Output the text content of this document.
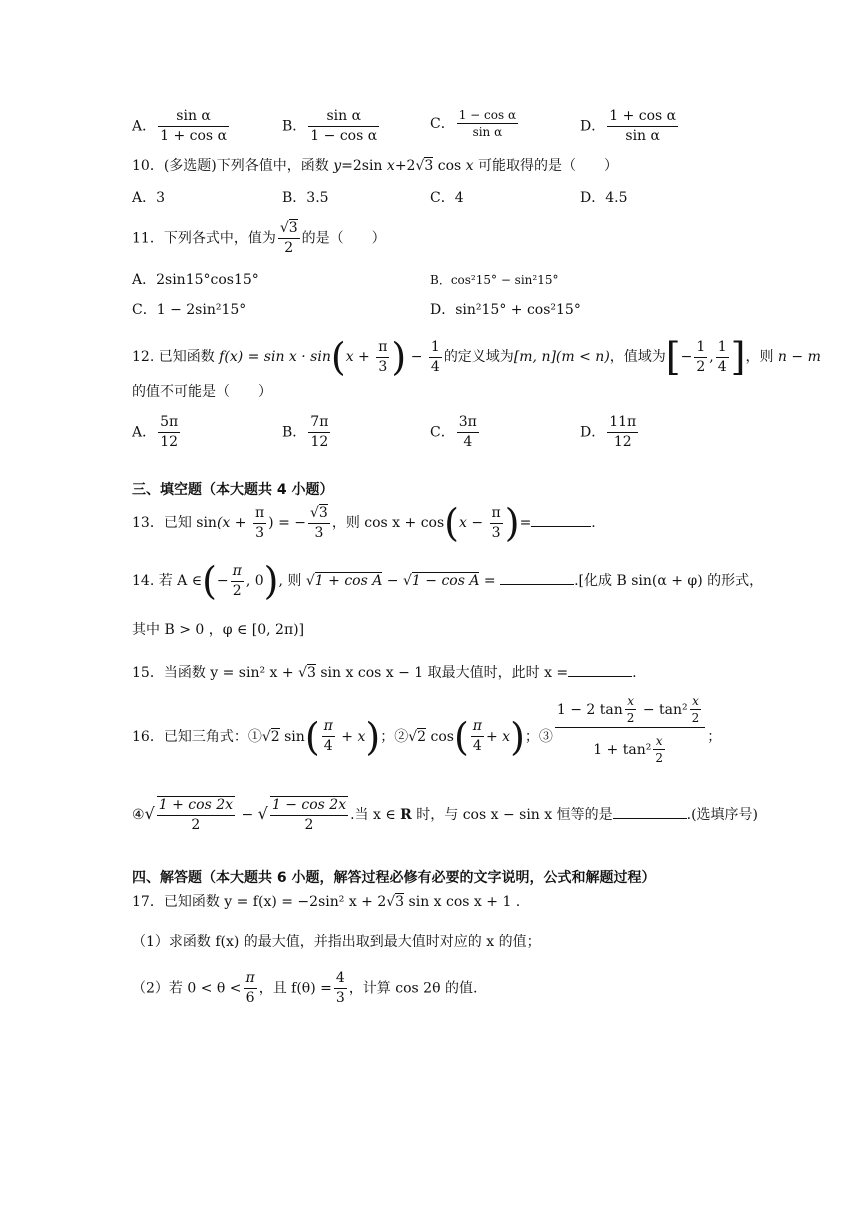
A． $\frac{\text{sin α}}{\text{1 + cos α}}$	B． $\frac{\text{sin α}}{\text{1 − cos α}}$	C． $\frac{\text{1 − cos α}}{\text{sin α}}$	D． $\frac{\text{1 + cos α}}{\text{sin α}}$
10．(多选题)下列各值中，函数 y=2sin x+2√3 cos x 可能取得的是（　　）
A．3	B．3.5	C．4	D．4.5
11．下列各式中，值为 $\frac{√3}{2}$ 的是（　　）
A．2sin15°cos15°	B．cos²15° − sin²15°
C．1 − 2sin²15°	D．sin²15° + cos²15°
12. 已知函数 $f(x) = \sin x \cdot \sin(x + \frac{\pi}{3}$ ) − $\frac{1}{4}$ 的定义域为[m, n](m < n)，值域为[− $\frac{1}{2}$ , $\frac{1}{4}$ ]，则 n − m
的值不可能是（　　）
A． $\frac{5\pi}{12}$	B． $\frac{7\pi}{12}$	C． $\frac{3\pi}{4}$	D． $\frac{11\pi}{12}$
三、填空题（本大题共 4 小题）
13．已知 $\sin(x + \frac{\pi}{3}$ ) = − $\frac{√3}{3}$ ，则 $\cos x + \cos(x - \frac{\pi}{3}$ )=	.
14. 若 A ∈(− $\frac{\pi}{2}$ , 0), 则 √1 + cos A − √1 − cos A =	.[化成 B sin(α + φ) 的形式，
其中 B > 0 ，φ ∈ [0, 2π)]
15．当函数 y = sin² x + √3 sin x cos x − 1 取最大值时，此时 x =	.
16．已知三角式：①√2 $\sin( \frac{\pi}{4} + x)$；②√2 $\cos( \frac{\pi}{4} + x)$；③ $\frac{1 - 2 \tan \frac{x}{2} - \tan^2 \frac{x}{2}}{1 + \tan^2 \frac{x}{2}}$ ；
④√ $\frac{1 + \cos 2x}{2}$ − √ $\frac{1 - \cos 2x}{2}$ .当 x ∈ R 时，与 cos x − sin x 恒等的是	.(选填序号)
四、解答题（本大题共 6 小题，解答过程必修有必要的文字说明，公式和解题过程）
17．已知函数 y = f(x) = −2sin² x + 2√3 sin x cos x + 1 .
（1）求函数 f(x) 的最大值，并指出取到最大值时对应的 x 的值；
（2）若 $0 < \theta < \frac{\pi}{6}$ ，且 $f(\theta) = \frac{4}{3}$ ，计算 cos 2θ 的值.
